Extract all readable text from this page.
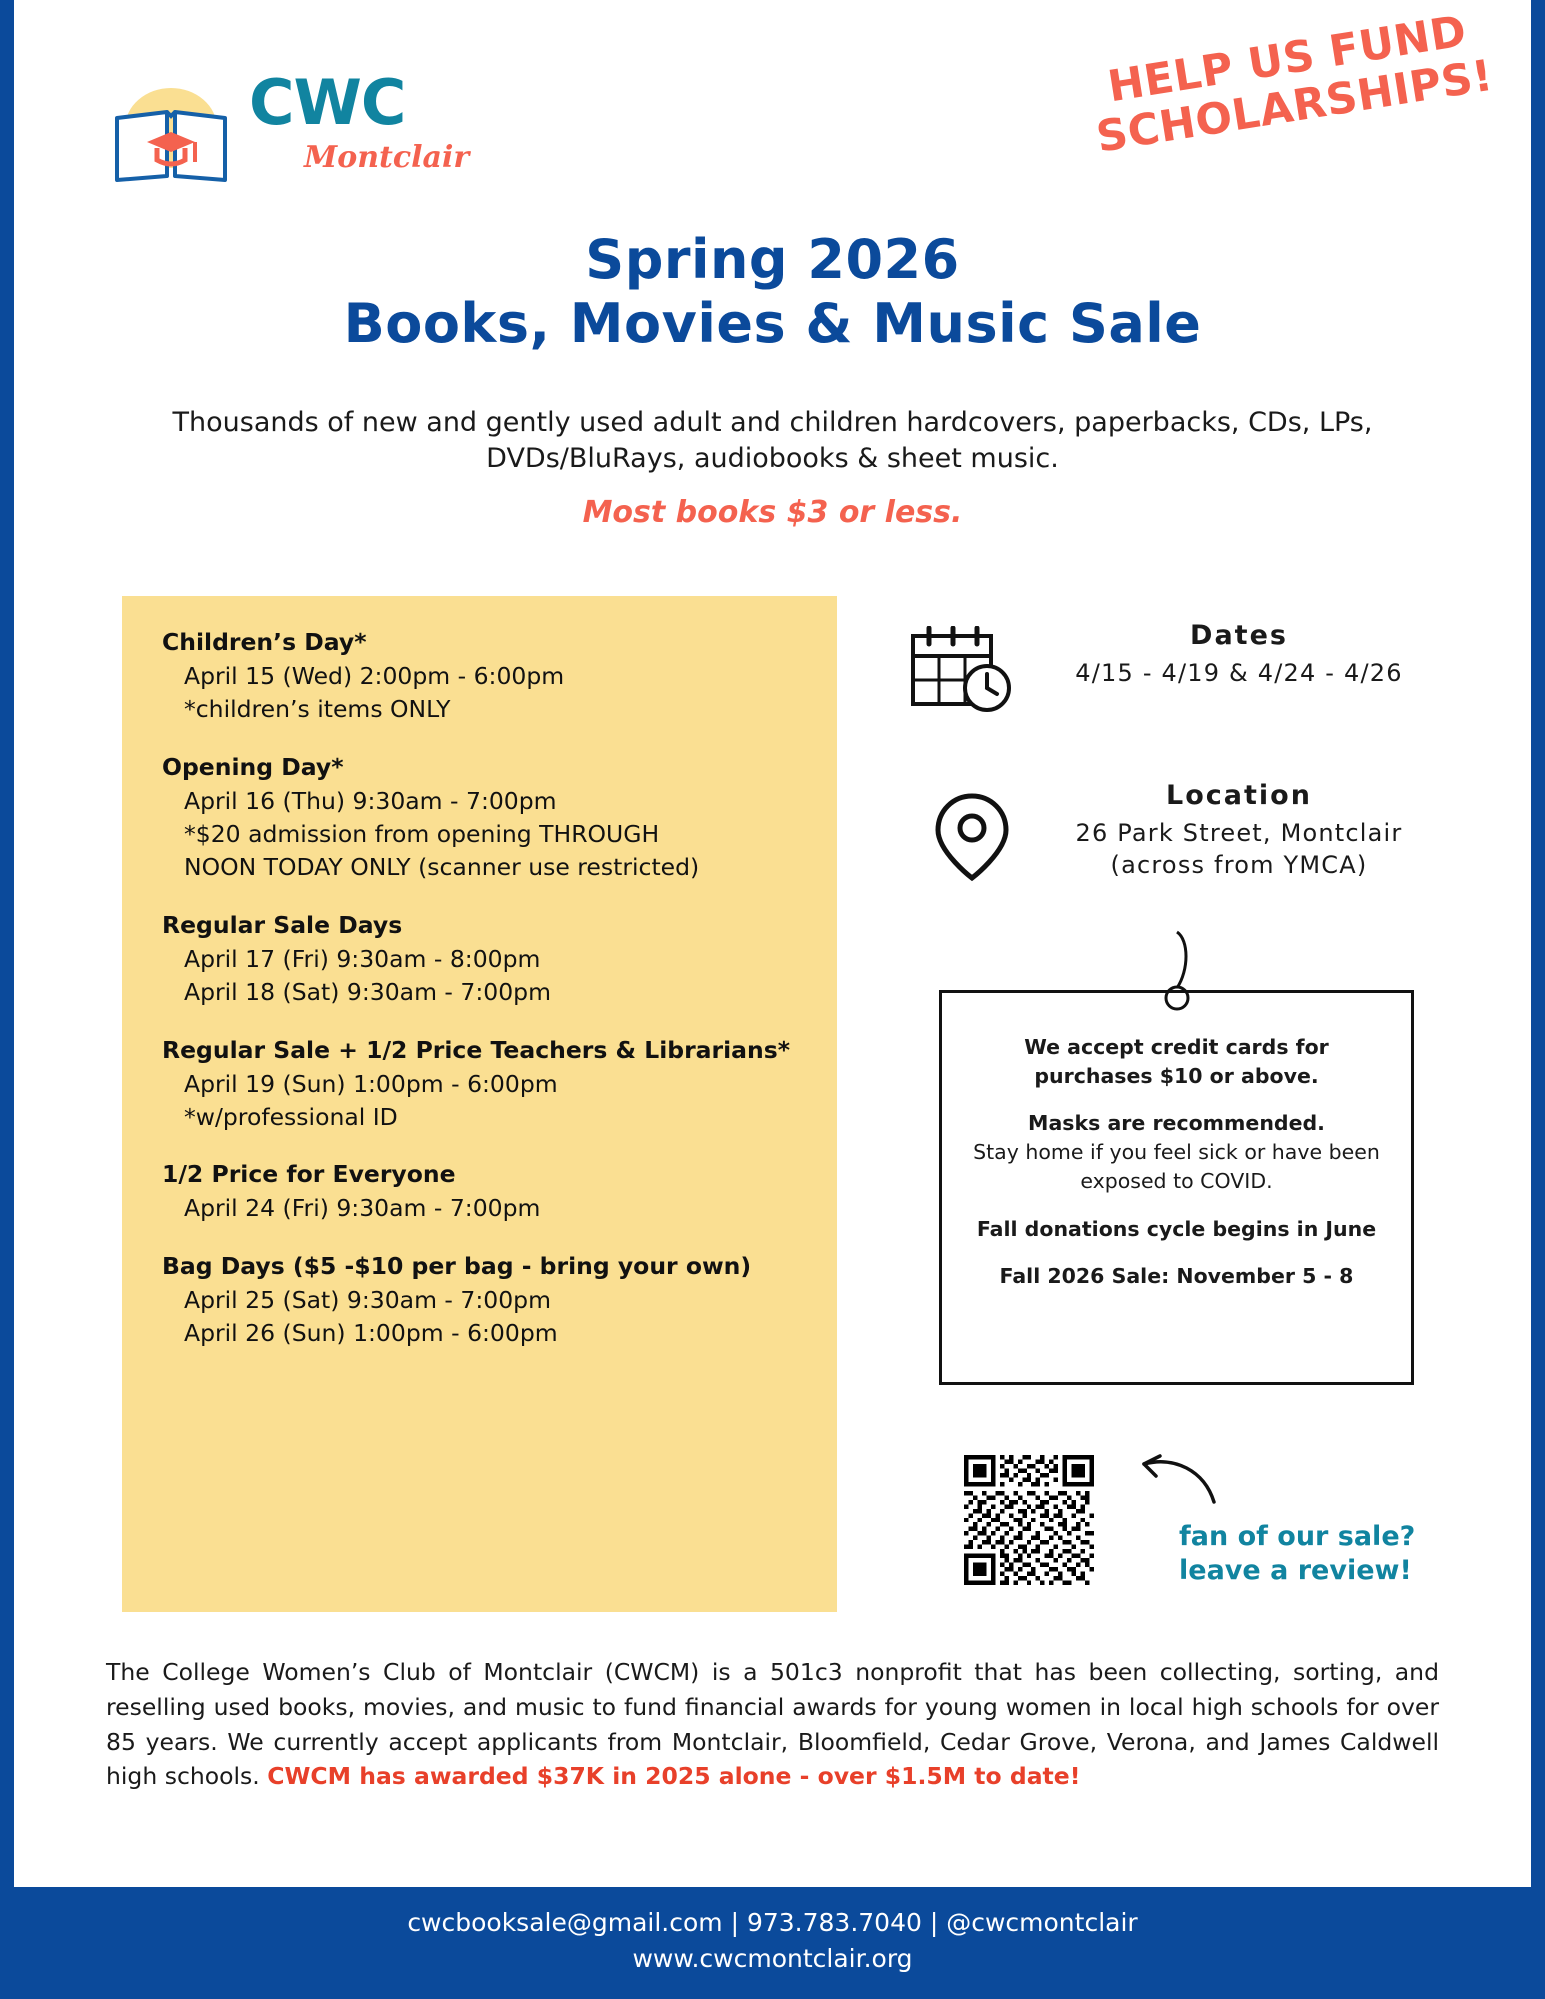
CWC
Montclair
HELP US FUND SCHOLARSHIPS!
Spring 2026
Books, Movies & Music Sale
Thousands of new and gently used adult and children hardcovers, paperbacks, CDs, LPs, DVDs/BluRays, audiobooks & sheet music.
Most books $3 or less.
Children’s Day*
April 15 (Wed) 2:00pm - 6:00pm
*children’s items ONLY
Opening Day*
April 16 (Thu) 9:30am - 7:00pm
*$20 admission from opening THROUGH
NOON TODAY ONLY (scanner use restricted)
Regular Sale Days
April 17 (Fri) 9:30am - 8:00pm
April 18 (Sat) 9:30am - 7:00pm
Regular Sale + 1/2 Price Teachers & Librarians*
April 19 (Sun) 1:00pm - 6:00pm
*w/professional ID
1/2 Price for Everyone
April 24 (Fri) 9:30am - 7:00pm
Bag Days ($5 -$10 per bag - bring your own)
April 25 (Sat) 9:30am - 7:00pm
April 26 (Sun) 1:00pm - 6:00pm
Dates
4/15 - 4/19 & 4/24 - 4/26
Location
26 Park Street, Montclair
(across from YMCA)

We accept credit cards for purchases $10 or above.

Masks are recommended.
Stay home if you feel sick or have been exposed to COVID.

Fall donations cycle begins in June

Fall 2026 Sale: November 5 - 8

fan of our sale?
leave a review!
The College Women’s Club of Montclair (CWCM) is a 501c3 nonprofit that has been collecting, sorting, and reselling used books, movies, and music to fund financial awards for young women in local high schools for over 85 years. We currently accept applicants from Montclair, Bloomfield, Cedar Grove, Verona, and James Caldwell high schools. CWCM has awarded $37K in 2025 alone - over $1.5M to date!
cwcbooksale@gmail.com | 973.783.7040 | @cwcmontclair
www.cwcmontclair.org
